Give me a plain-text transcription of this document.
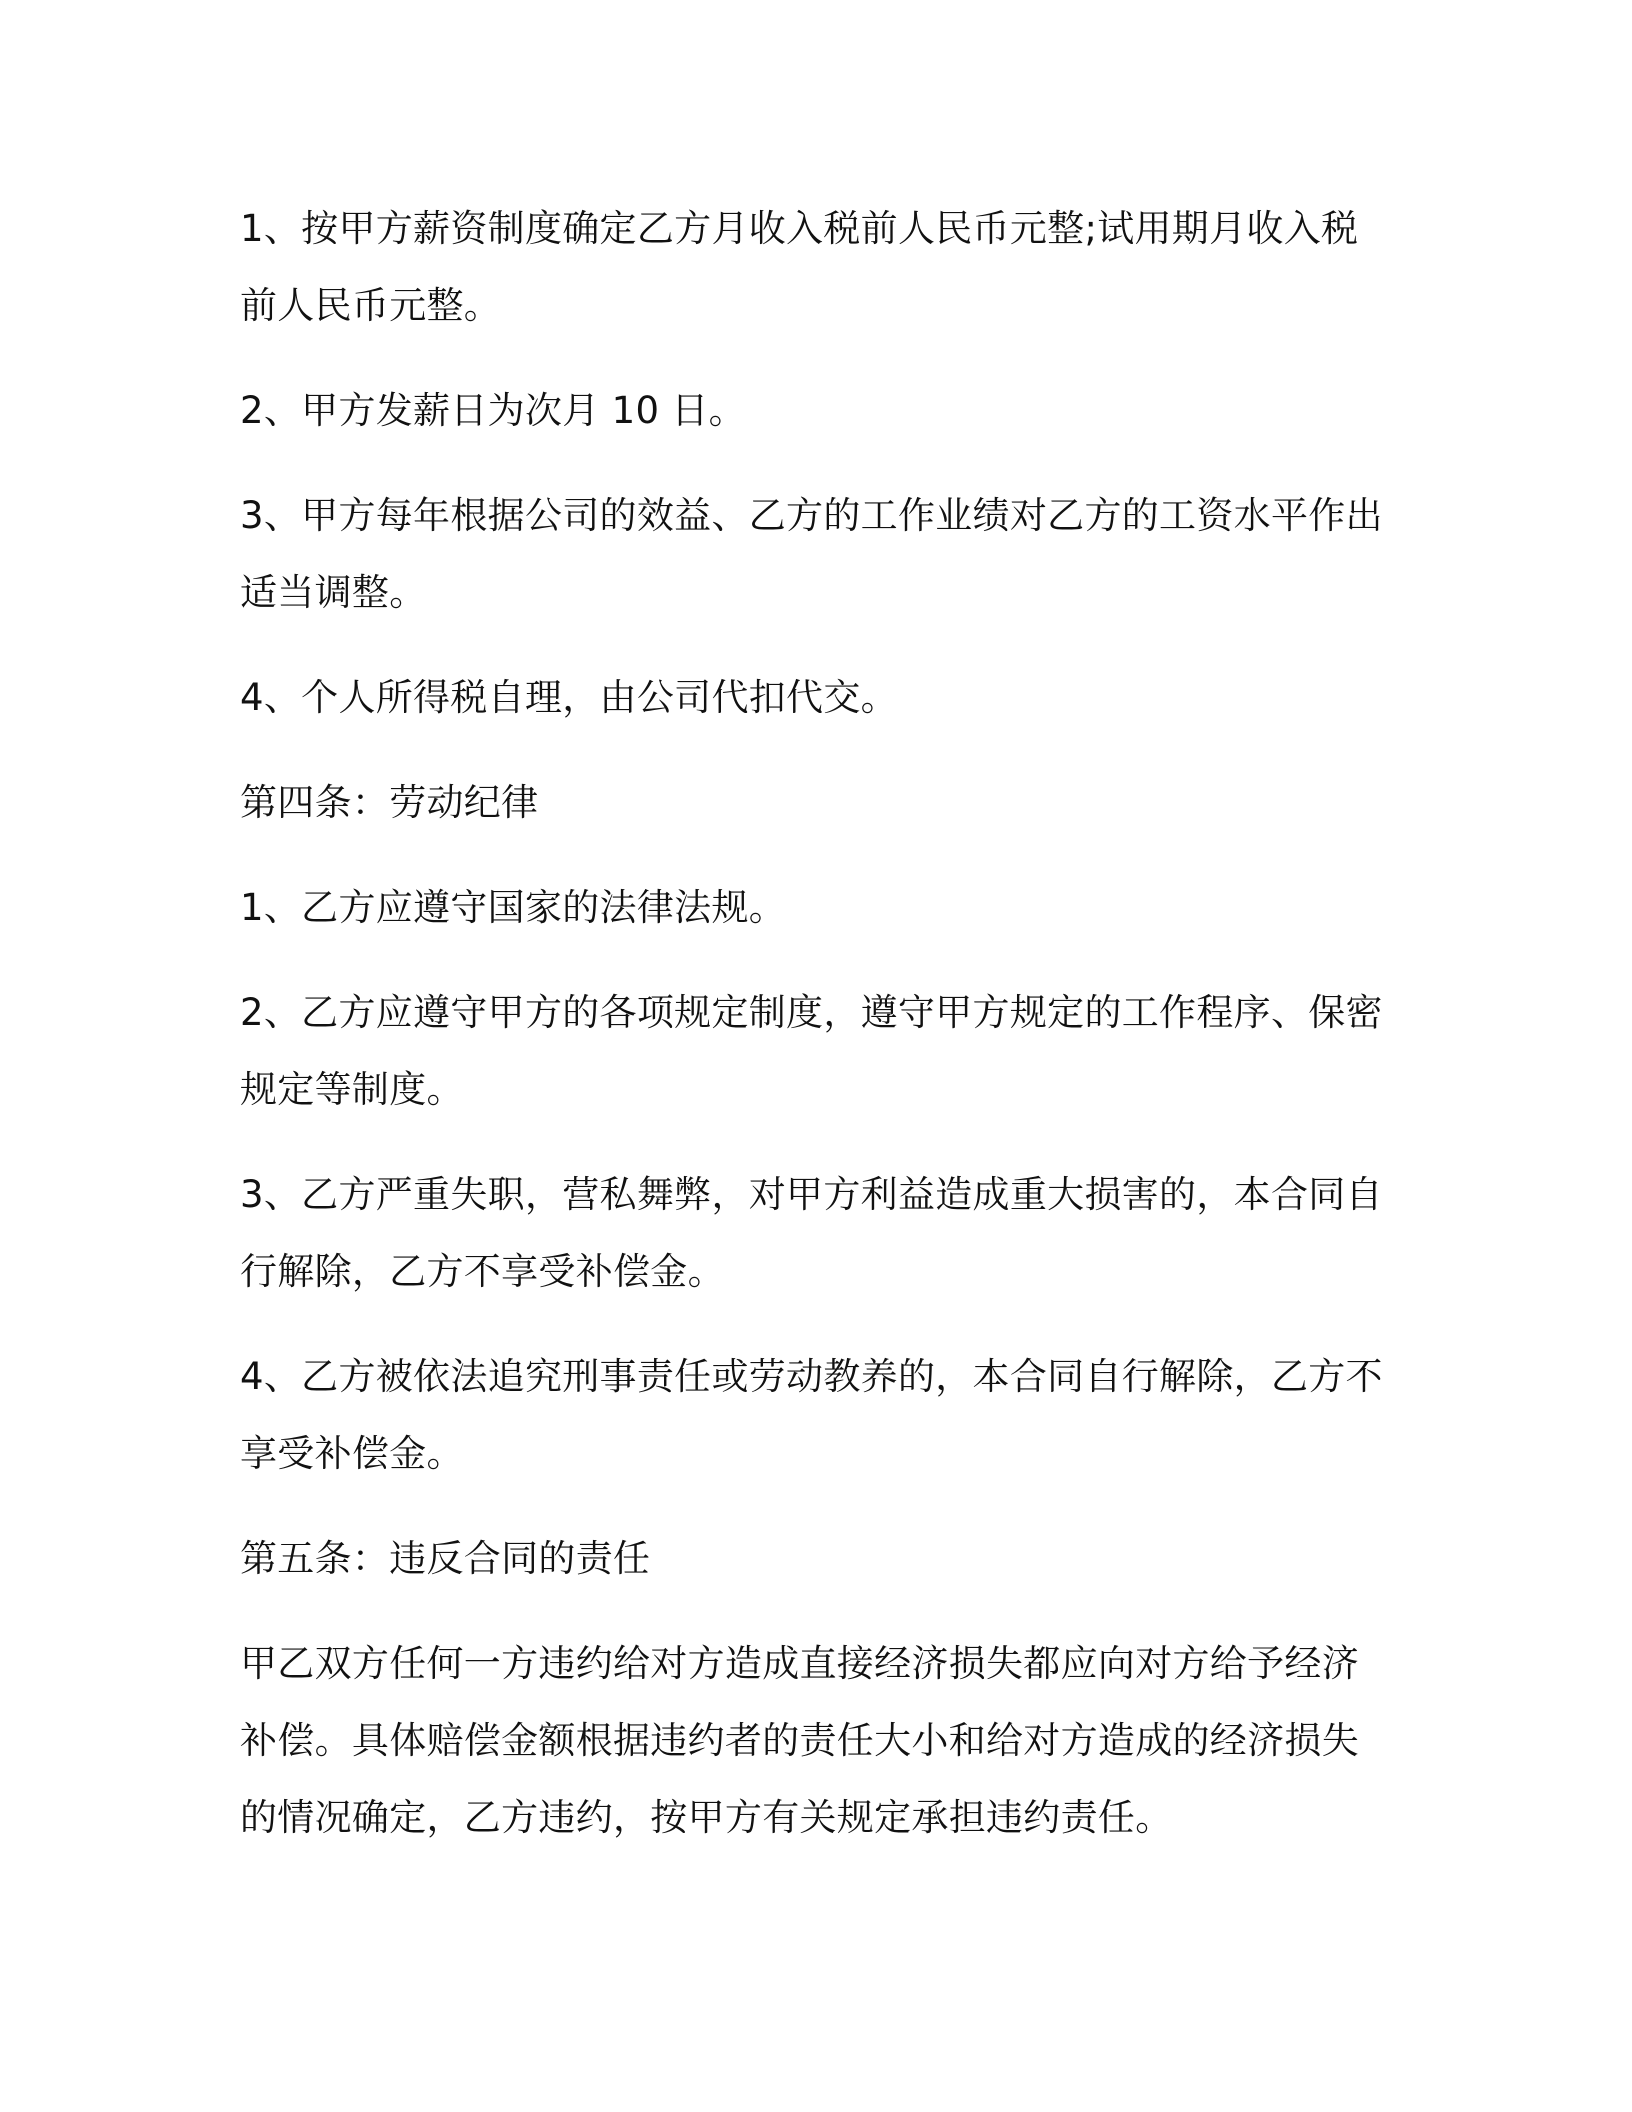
1、按甲方薪资制度确定乙方月收入税前人民币元整;试用期月收入税前人民币元整。

2、甲方发薪日为次月 10 日。

3、甲方每年根据公司的效益、乙方的工作业绩对乙方的工资水平作出适当调整。

4、个人所得税自理，由公司代扣代交。

第四条：劳动纪律

1、乙方应遵守国家的法律法规。

2、乙方应遵守甲方的各项规定制度，遵守甲方规定的工作程序、保密规定等制度。

3、乙方严重失职，营私舞弊，对甲方利益造成重大损害的，本合同自行解除，乙方不享受补偿金。

4、乙方被依法追究刑事责任或劳动教养的，本合同自行解除，乙方不享受补偿金。

第五条：违反合同的责任

甲乙双方任何一方违约给对方造成直接经济损失都应向对方给予经济补偿。具体赔偿金额根据违约者的责任大小和给对方造成的经济损失的情况确定，乙方违约，按甲方有关规定承担违约责任。
